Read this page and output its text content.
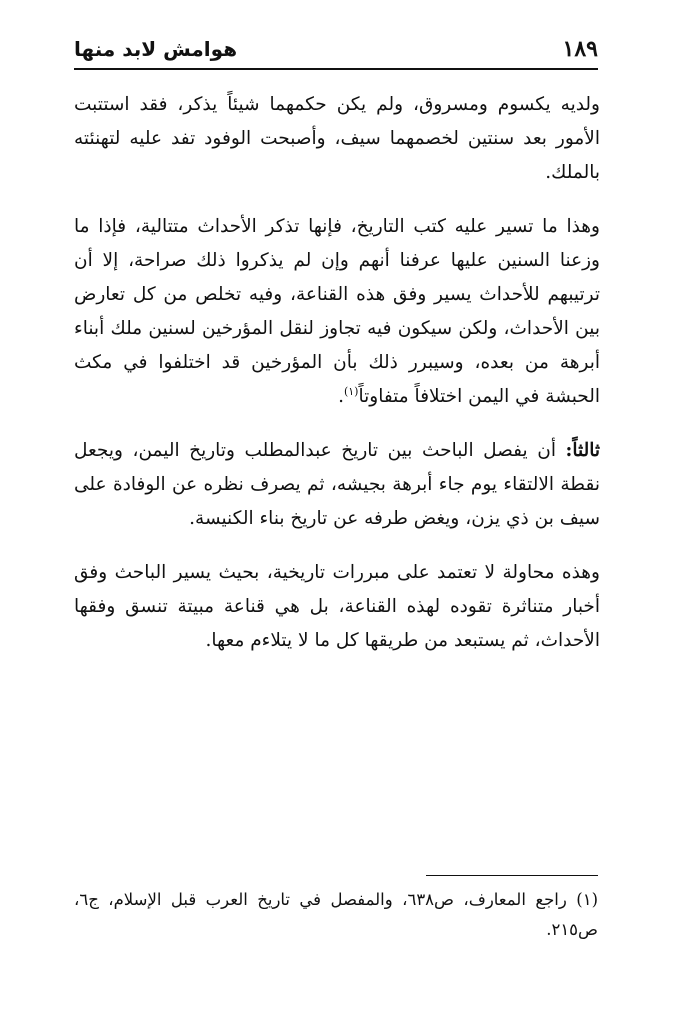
١٨٩
هوامش لابد منها

ولديه يكسوم ومسروق، ولم يكن حكمهما شيئاً يذكر، فقد استتبت الأمور بعد سنتين لخصمهما سيف، وأصبحت الوفود تفد عليه لتهنئته بالملك.

وهذا ما تسير عليه كتب التاريخ، فإنها تذكر الأحداث متتالية، فإذا ما وزعنا السنين عليها عرفنا أنهم وإن لم يذكروا ذلك صراحة، إلا أن ترتيبهم للأحداث يسير وفق هذه القناعة، وفيه تخلص من كل تعارض بين الأحداث، ولكن سيكون فيه تجاوز لنقل المؤرخين لسنين ملك أبناء أبرهة من بعده، وسيبرر ذلك بأن المؤرخين قد اختلفوا في مكث الحبشة في اليمن اختلافاً متفاوتاً$^{(١)}$.

ثالثاً: أن يفصل الباحث بين تاريخ عبدالمطلب وتاريخ اليمن، ويجعل نقطة الالتقاء يوم جاء أبرهة بجيشه، ثم يصرف نظره عن الوفادة على سيف بن ذي يزن، ويغض طرفه عن تاريخ بناء الكنيسة.

وهذه محاولة لا تعتمد على مبررات تاريخية، بحيث يسير الباحث وفق أخبار متناثرة تقوده لهذه القناعة، بل هي قناعة مبيتة تنسق وفقها الأحداث، ثم يستبعد من طريقها كل ما لا يتلاءم معها.

(١) راجع المعارف، ص٦٣٨، والمفصل في تاريخ العرب قبل الإسلام، ج٦، ص٢١٥.
